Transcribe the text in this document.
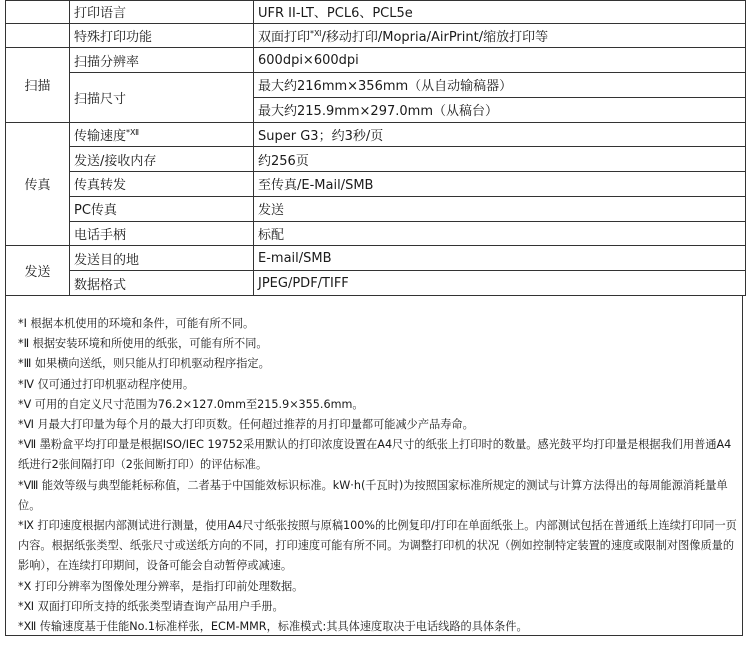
	打印语言	UFR II-LT、PCL6、PCL5e
	特殊打印功能	双面打印$^{*Ⅺ}$/移动打印/Mopria/AirPrint/缩放打印等
扫描	扫描分辨率	600dpi×600dpi
	扫描尺寸	最大约216mm×356mm（从自动输稿器）
		最大约215.9mm×297.0mm（从稿台）
传真	传输速度$^{*Ⅻ}$	Super G3；约3秒/页
	发送/接收内存	约256页
	传真转发	至传真/E-Mail/SMB
	PC传真	发送
	电话手柄	标配
发送	发送目的地	E-mail/SMB
	数据格式	JPEG/PDF/TIFF

*Ⅰ 根据本机使用的环境和条件，可能有所不同。

*Ⅱ 根据安装环境和所使用的纸张，可能有所不同。

*Ⅲ 如果横向送纸，则只能从打印机驱动程序指定。

*Ⅳ 仅可通过打印机驱动程序使用。

*Ⅴ 可用的自定义尺寸范围为76.2×127.0mm至215.9×355.6mm。

*Ⅵ 月最大打印量为每个月的最大打印页数。任何超过推荐的月打印量都可能减少产品寿命。

*Ⅶ 墨粉盒平均打印量是根据ISO/IEC 19752采用默认的打印浓度设置在A4尺寸的纸张上打印时的数量。感光鼓平均打印量是根据我们用普通A4纸进行2张间隔打印（2张间断打印）的评估标准。

*Ⅷ 能效等级与典型能耗标称值，二者基于中国能效标识标准。kW·h(千瓦时)为按照国家标准所规定的测试与计算方法得出的每周能源消耗量单位。

*Ⅸ 打印速度根据内部测试进行测量，使用A4尺寸纸张按照与原稿100%的比例复印/打印在单面纸张上。内部测试包括在普通纸上连续打印同一页内容。根据纸张类型、纸张尺寸或送纸方向的不同，打印速度可能有所不同。为调整打印机的状况（例如控制特定装置的速度或限制对图像质量的影响），在连续打印期间，设备可能会自动暂停或减速。

*Ⅹ 打印分辨率为图像处理分辨率，是指打印前处理数据。

*Ⅺ 双面打印所支持的纸张类型请查询产品用户手册。

*Ⅻ 传输速度基于佳能No.1标准样张，ECM-MMR，标准模式:其具体速度取决于电话线路的具体条件。
